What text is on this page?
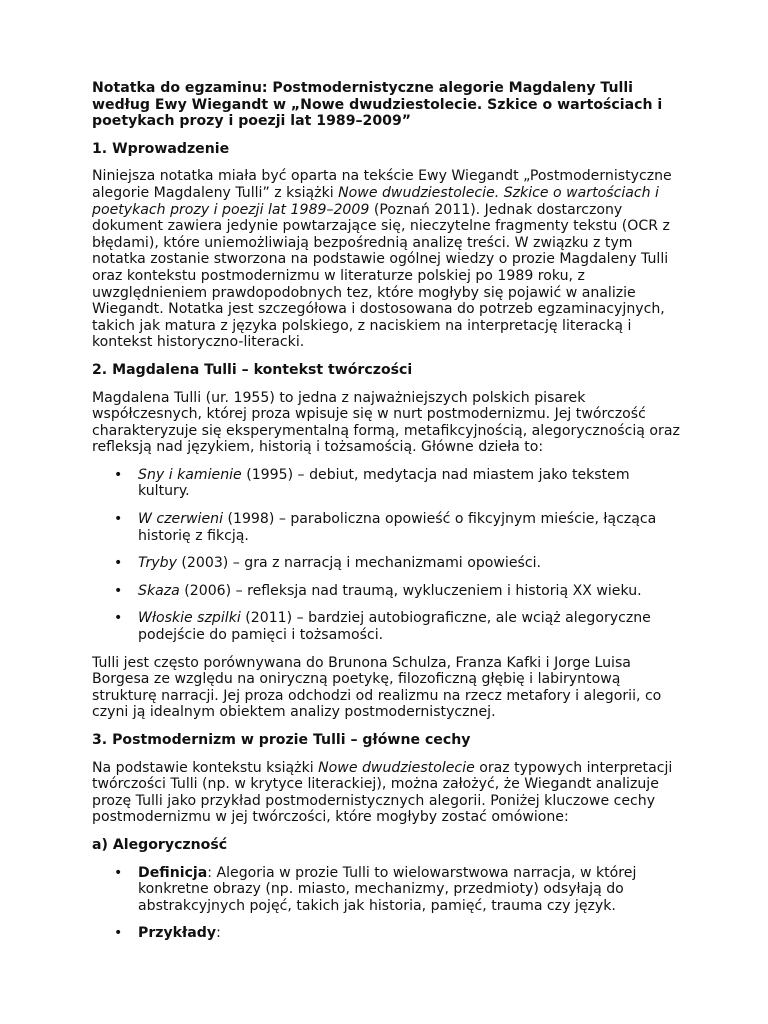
Notatka do egzaminu: Postmodernistyczne alegorie Magdaleny Tulli według Ewy Wiegandt w „Nowe dwudziestolecie. Szkice o wartościach i poetykach prozy i poezji lat 1989–2009”

1. Wprowadzenie

Niniejsza notatka miała być oparta na tekście Ewy Wiegandt „Postmodernistyczne alegorie Magdaleny Tulli” z książki Nowe dwudziestolecie. Szkice o wartościach i poetykach prozy i poezji lat 1989–2009 (Poznań 2011). Jednak dostarczony dokument zawiera jedynie powtarzające się, nieczytelne fragmenty tekstu (OCR z błędami), które uniemożliwiają bezpośrednią analizę treści. W związku z tym notatka zostanie stworzona na podstawie ogólnej wiedzy o prozie Magdaleny Tulli oraz kontekstu postmodernizmu w literaturze polskiej po 1989 roku, z uwzględnieniem prawdopodobnych tez, które mogłyby się pojawić w analizie Wiegandt. Notatka jest szczegółowa i dostosowana do potrzeb egzaminacyjnych, takich jak matura z języka polskiego, z naciskiem na interpretację literacką i kontekst historyczno-literacki.

2. Magdalena Tulli – kontekst twórczości

Magdalena Tulli (ur. 1955) to jedna z najważniejszych polskich pisarek współczesnych, której proza wpisuje się w nurt postmodernizmu. Jej twórczość charakteryzuje się eksperymentalną formą, metafikcyjnością, alegorycznością oraz refleksją nad językiem, historią i tożsamością. Główne dzieła to:

• Sny i kamienie (1995) – debiut, medytacja nad miastem jako tekstem kultury.
• W czerwieni (1998) – paraboliczna opowieść o fikcyjnym mieście, łącząca historię z fikcją.
• Tryby (2003) – gra z narracją i mechanizmami opowieści.
• Skaza (2006) – refleksja nad traumą, wykluczeniem i historią XX wieku.
• Włoskie szpilki (2011) – bardziej autobiograficzne, ale wciąż alegoryczne podejście do pamięci i tożsamości.

Tulli jest często porównywana do Brunona Schulza, Franza Kafki i Jorge Luisa Borgesa ze względu na oniryczną poetykę, filozoficzną głębię i labiryntową strukturę narracji. Jej proza odchodzi od realizmu na rzecz metafory i alegorii, co czyni ją idealnym obiektem analizy postmodernistycznej.

3. Postmodernizm w prozie Tulli – główne cechy

Na podstawie kontekstu książki Nowe dwudziestolecie oraz typowych interpretacji twórczości Tulli (np. w krytyce literackiej), można założyć, że Wiegandt analizuje prozę Tulli jako przykład postmodernistycznych alegorii. Poniżej kluczowe cechy postmodernizmu w jej twórczości, które mogłyby zostać omówione:

a) Alegoryczność

• Definicja: Alegoria w prozie Tulli to wielowarstwowa narracja, w której konkretne obrazy (np. miasto, mechanizmy, przedmioty) odsyłają do abstrakcyjnych pojęć, takich jak historia, pamięć, trauma czy język.
• Przykłady:
